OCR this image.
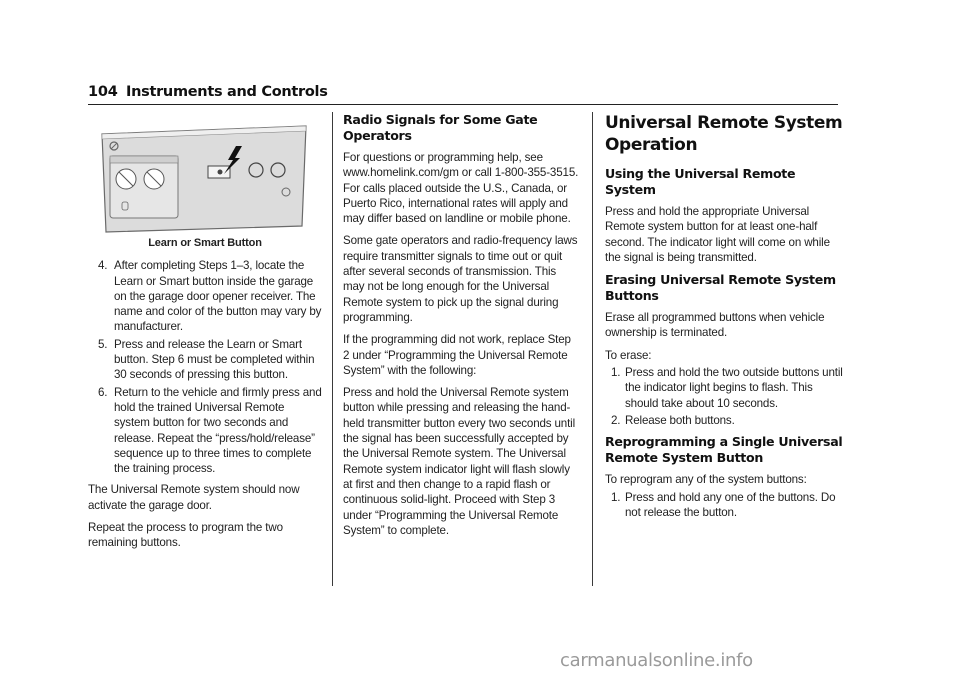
104 Instruments and Controls

Learn or Smart Button

4. After completing Steps 1–3, locate the Learn or Smart button inside the garage on the garage door opener receiver. The name and color of the button may vary by manufacturer.
5. Press and release the Learn or Smart button. Step 6 must be completed within 30 seconds of pressing this button.
6. Return to the vehicle and firmly press and hold the trained Universal Remote system button for two seconds and release. Repeat the “press/hold/release” sequence up to three times to complete the training process.

The Universal Remote system should now activate the garage door.

Repeat the process to program the two remaining buttons.

Radio Signals for Some Gate Operators

For questions or programming help, see www.homelink.com/gm or call 1-800-355-3515. For calls placed outside the U.S., Canada, or Puerto Rico, international rates will apply and may differ based on landline or mobile phone.

Some gate operators and radio-frequency laws require transmitter signals to time out or quit after several seconds of transmission. This may not be long enough for the Universal Remote system to pick up the signal during programming.

If the programming did not work, replace Step 2 under “Programming the Universal Remote System” with the following:

Press and hold the Universal Remote system button while pressing and releasing the hand-held transmitter button every two seconds until the signal has been successfully accepted by the Universal Remote system. The Universal Remote system indicator light will flash slowly at first and then change to a rapid flash or continuous solid-light. Proceed with Step 3 under “Programming the Universal Remote System” to complete.

Universal Remote System Operation
Using the Universal Remote System

Press and hold the appropriate Universal Remote system button for at least one-half second. The indicator light will come on while the signal is being transmitted.

Erasing Universal Remote System Buttons

Erase all programmed buttons when vehicle ownership is terminated.

To erase:

1. Press and hold the two outside buttons until the indicator light begins to flash. This should take about 10 seconds.
2. Release both buttons.
Reprogramming a Single Universal Remote System Button

To reprogram any of the system buttons:

1. Press and hold any one of the buttons. Do not release the button.
carmanualsonline.info
